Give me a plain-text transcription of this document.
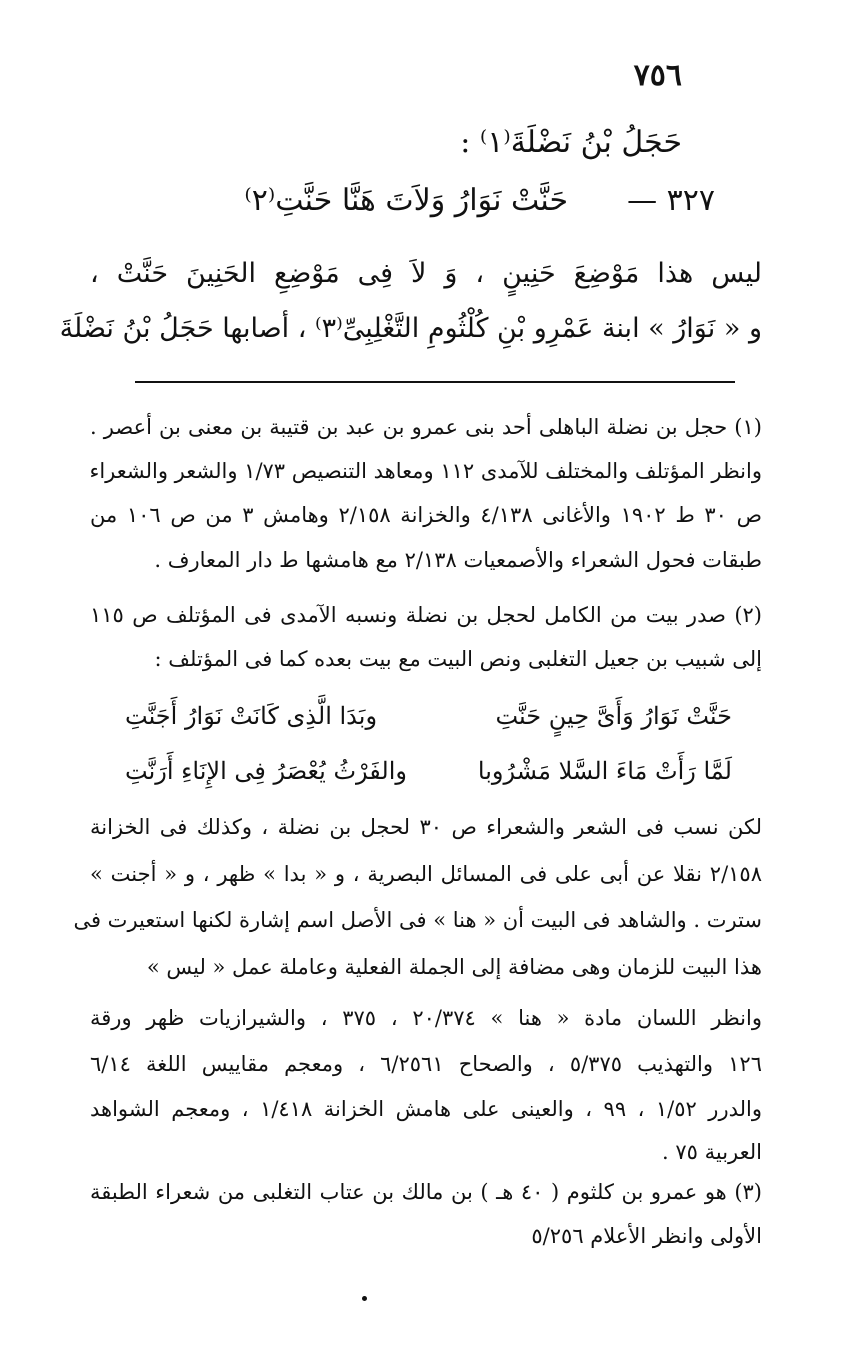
٧٥٦
حَجَلُ بْنُ نَضْلَةَ⁽١⁾ :
٣٢٧ —  حَنَّتْ نَوَارُ وَلاَتَ هَنَّا حَنَّتِ⁽٢⁾
ليس هذا مَوْضِعَ حَنِينٍ ، وَ لاَ فِى مَوْضِعِ الحَنِينَ حَنَّتْ ،
و « نَوَارُ » ابنة عَمْرِو بْنِ كُلْثُومِ التَّغْلِبِىِّ⁽٣⁾ ، أصابها حَجَلُ بْنُ نَضْلَةَ
(١) حجل بن نضلة الباهلى أحد بنى عمرو بن عبد بن قتيبة بن معنى بن أعصر .
وانظر المؤتلف والمختلف للآمدى ١١٢ ومعاهد التنصيص ١/٧٣ والشعر والشعراء
ص ٣٠ ط ١٩٠٢ والأغانى ٤/١٣٨ والخزانة ٢/١٥٨ وهامش ٣ من ص ١٠٦ من
طبقات فحول الشعراء والأصمعيات ٢/١٣٨ مع هامشها ط دار المعارف .
(٢) صدر بيت من الكامل لحجل بن نضلة ونسبه الآمدى فى المؤتلف ص ١١٥
إلى شبيب بن جعيل التغلبى ونص البيت مع بيت بعده كما فى المؤتلف :
حَنَّتْ نَوَارُ وَأَىَّ حِينٍ حَنَّتِ
وبَدَا الَّذِى كَانَتْ نَوَارُ أَجَنَّتِ
لَمَّا رَأَتْ مَاءَ السَّلا مَشْرُوبا
والفَرْثُ يُعْصَرُ فِى الإِنَاءِ أَرَنَّتِ
لكن نسب فى الشعر والشعراء ص ٣٠ لحجل بن نضلة ، وكذلك فى الخزانة
٢/١٥٨ نقلا عن أبى على فى المسائل البصرية ، و « بدا » ظهر ، و « أجنت »
سترت . والشاهد فى البيت أن « هنا » فى الأصل اسم إشارة لكنها استعيرت فى
هذا البيت للزمان وهى مضافة إلى الجملة الفعلية وعاملة عمل « ليس »
وانظر اللسان مادة « هنا » ٢٠/٣٧٤ ، ٣٧٥ ، والشيرازيات ظهر ورقة
١٢٦ والتهذيب ٥/٣٧٥ ، والصحاح ٦/٢٥٦١ ، ومعجم مقاييس اللغة ٦/١٤
والدرر ١/٥٢ ، ٩٩ ، والعينى على هامش الخزانة ١/٤١٨ ، ومعجم الشواهد
العربية ٧٥ .
(٣) هو عمرو بن كلثوم ( ٤٠ هـ ) بن مالك بن عتاب التغلبى من شعراء الطبقة
الأولى وانظر الأعلام ٥/٢٥٦
